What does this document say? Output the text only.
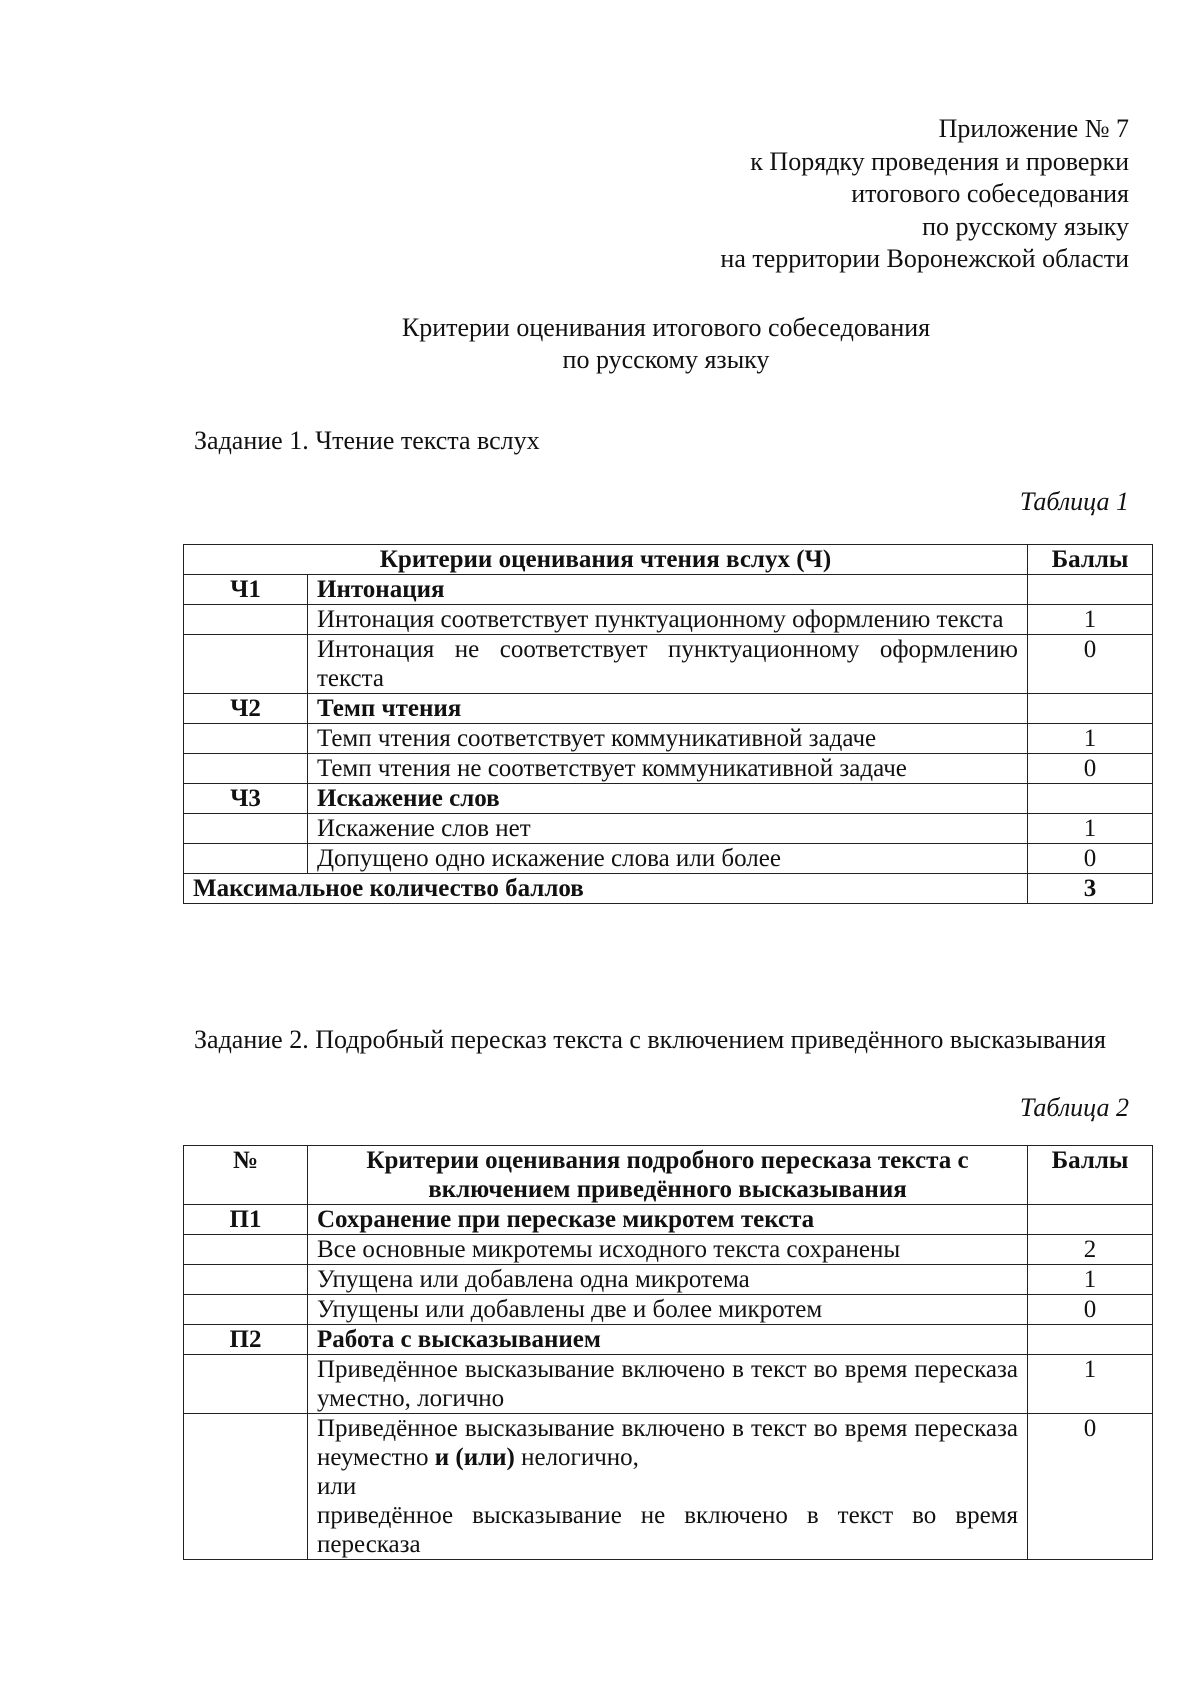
Приложение № 7
к Порядку проведения и проверки
итогового собеседования
по русскому языку
на территории Воронежской области
Критерии оценивания итогового собеседования
по русскому языку
Задание 1. Чтение текста вслух
Таблица 1
Критерии оценивания чтения вслух (Ч)		Баллы
Ч1	Интонация	
	Интонация соответствует пунктуационному оформлению текста	1
	Интонация не соответствует пунктуационному оформлению текста	0
Ч2	Темп чтения	
	Темп чтения соответствует коммуникативной задаче	1
	Темп чтения не соответствует коммуникативной задаче	0
Ч3	Искажение слов	
	Искажение слов нет	1
	Допущено одно искажение слова или более	0
Максимальное количество баллов		3
Задание 2. Подробный пересказ текста с включением приведённого высказывания
Таблица 2
№	Критерии оценивания подробного пересказа текста с включением приведённого высказывания	Баллы
П1	Сохранение при пересказе микротем текста	
	Все основные микротемы исходного текста сохранены	2
	Упущена или добавлена одна микротема	1
	Упущены или добавлены две и более микротем	0
П2	Работа с высказыванием	
	Приведённое высказывание включено в текст во время пересказа уместно, логично	1

	Приведённое высказывание включено в текст во время пересказа неуместно и (или) нелогично,
или
приведённое высказывание не включено в текст во время пересказа	0
